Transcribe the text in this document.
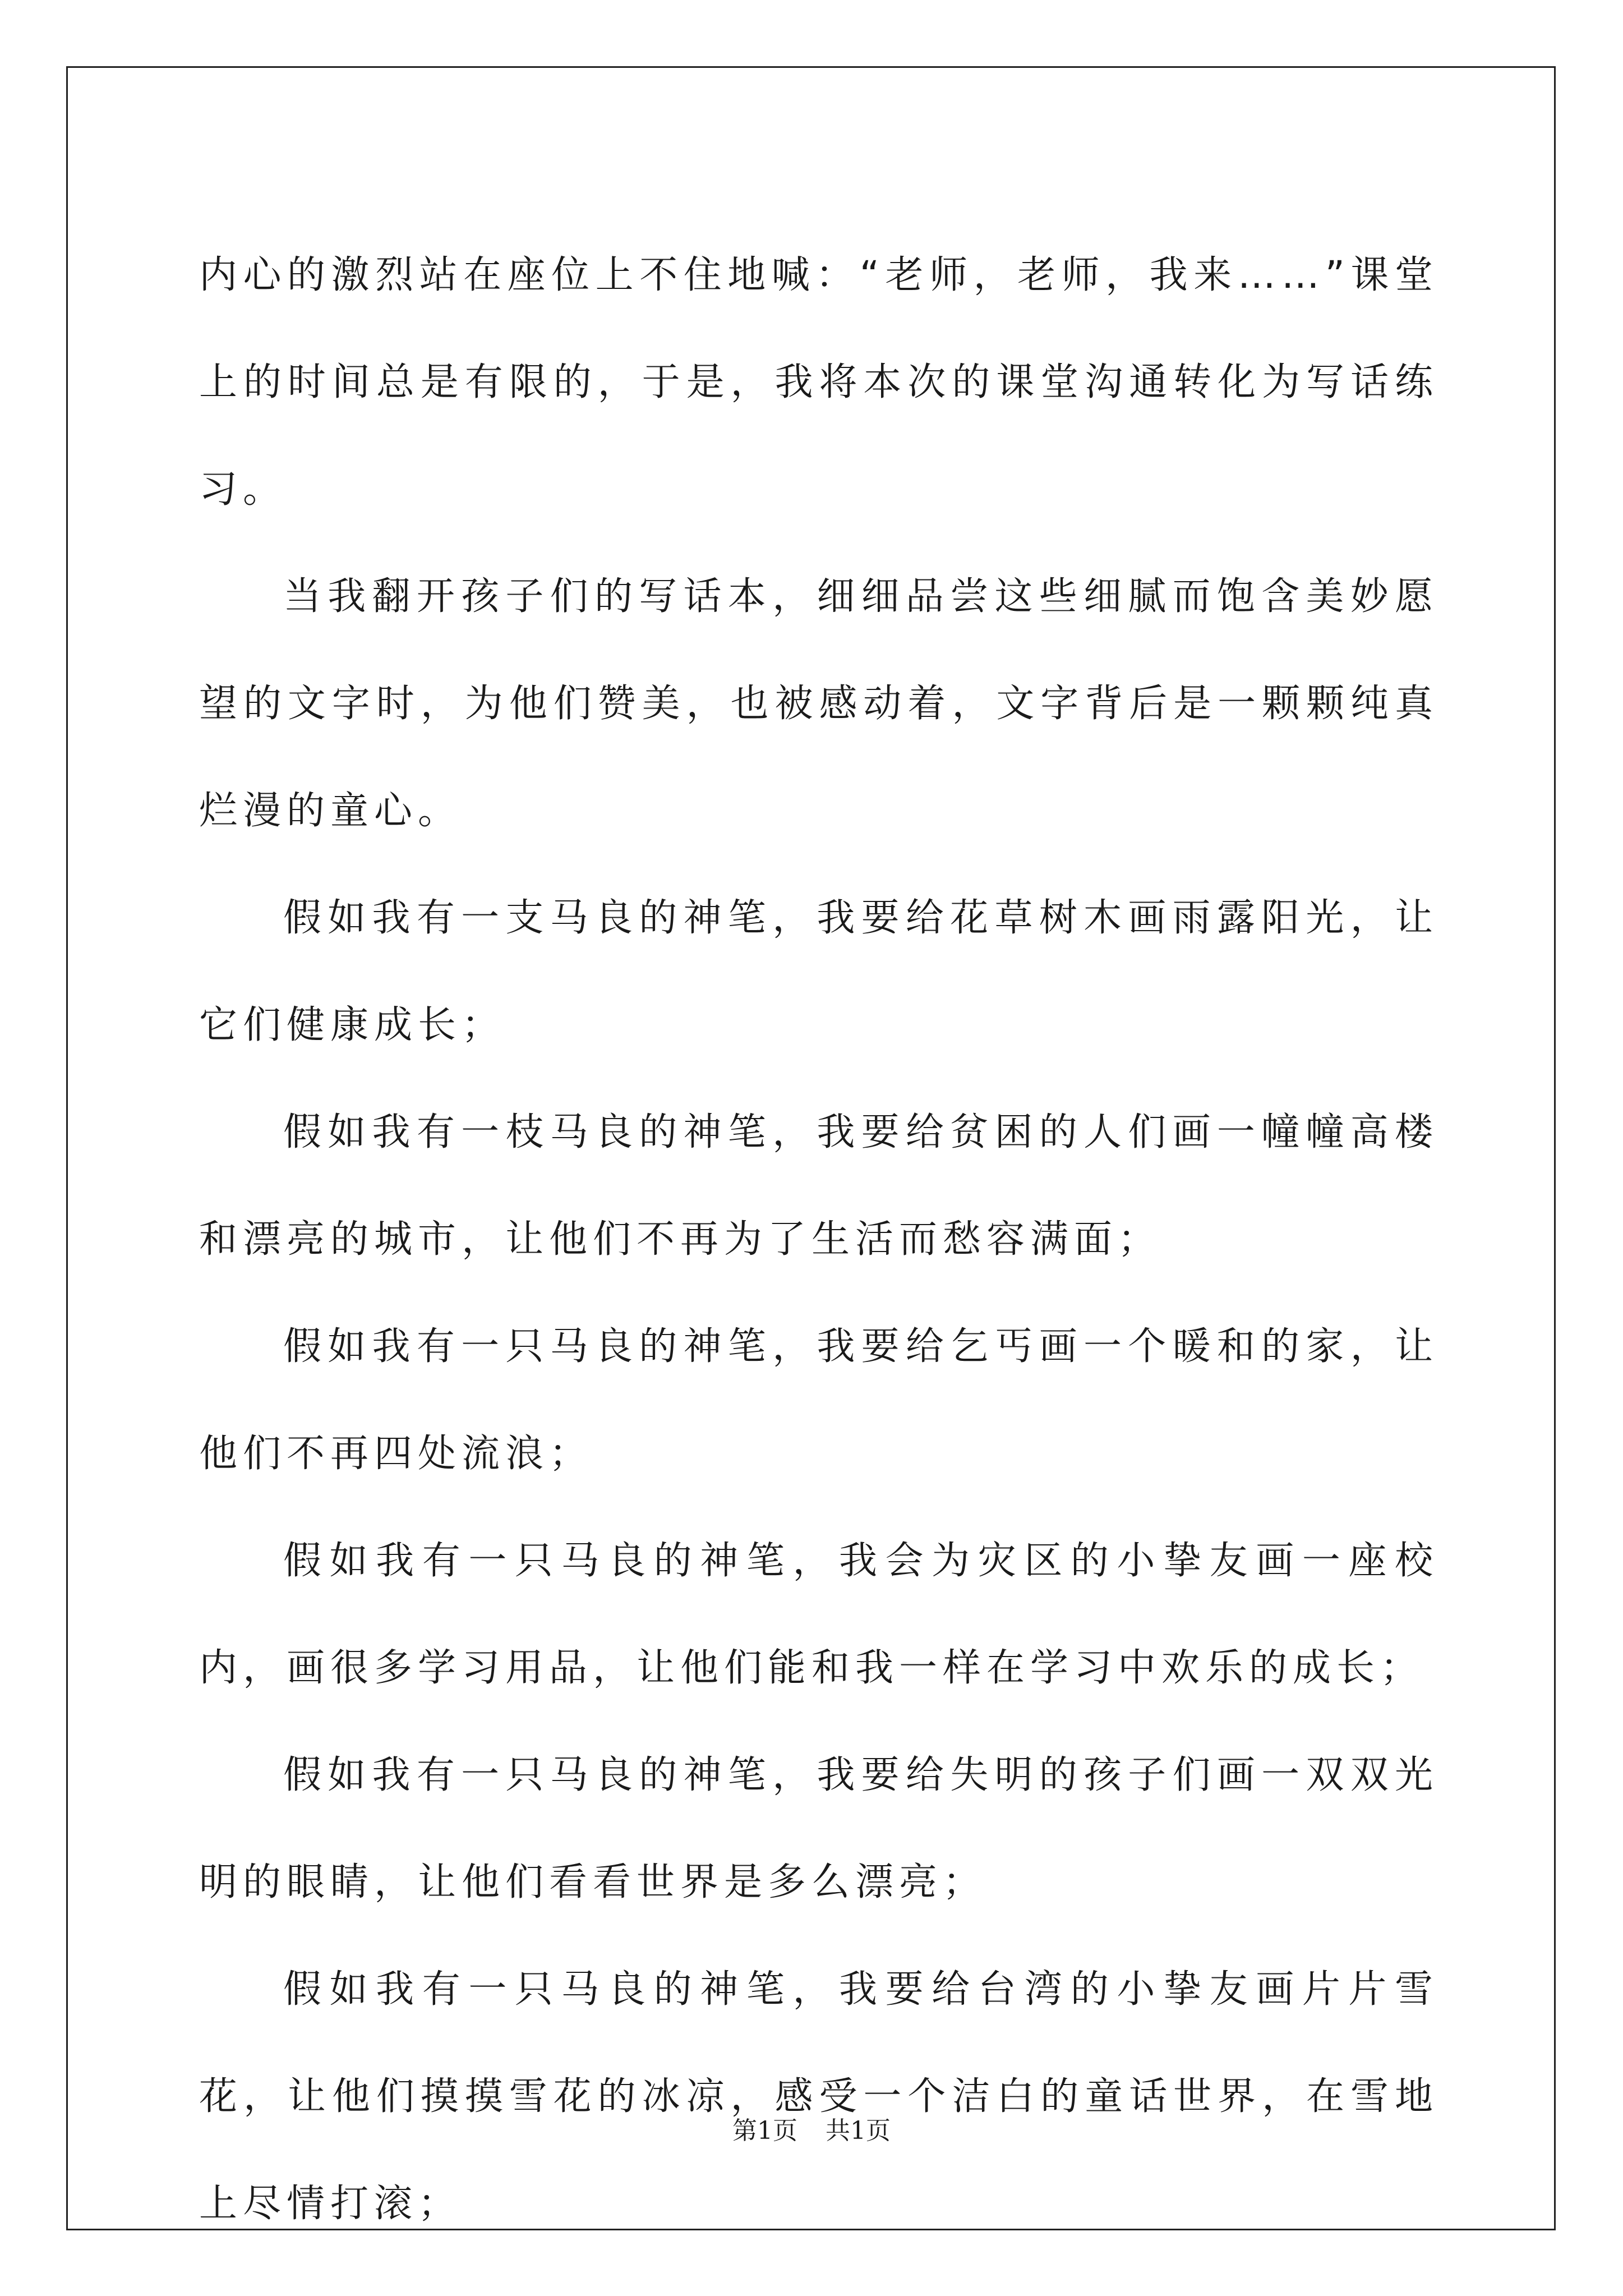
内心的激烈站在座位上不住地喊：“老师，老师，我来……”课堂上的时间总是有限的，于是，我将本次的课堂沟通转化为写话练习。

当我翻开孩子们的写话本，细细品尝这些细腻而饱含美妙愿望的文字时，为他们赞美，也被感动着，文字背后是一颗颗纯真烂漫的童心。

假如我有一支马良的神笔，我要给花草树木画雨露阳光，让它们健康成长；

假如我有一枝马良的神笔，我要给贫困的人们画一幢幢高楼和漂亮的城市，让他们不再为了生活而愁容满面；

假如我有一只马良的神笔，我要给乞丐画一个暖和的家，让他们不再四处流浪；

假如我有一只马良的神笔，我会为灾区的小挚友画一座校内，画很多学习用品，让他们能和我一样在学习中欢乐的成长；

假如我有一只马良的神笔，我要给失明的孩子们画一双双光明的眼睛，让他们看看世界是多么漂亮；

假如我有一只马良的神笔，我要给台湾的小挚友画片片雪花，让他们摸摸雪花的冰凉，感受一个洁白的童话世界，在雪地上尽情打滚；

第1页 共1页
